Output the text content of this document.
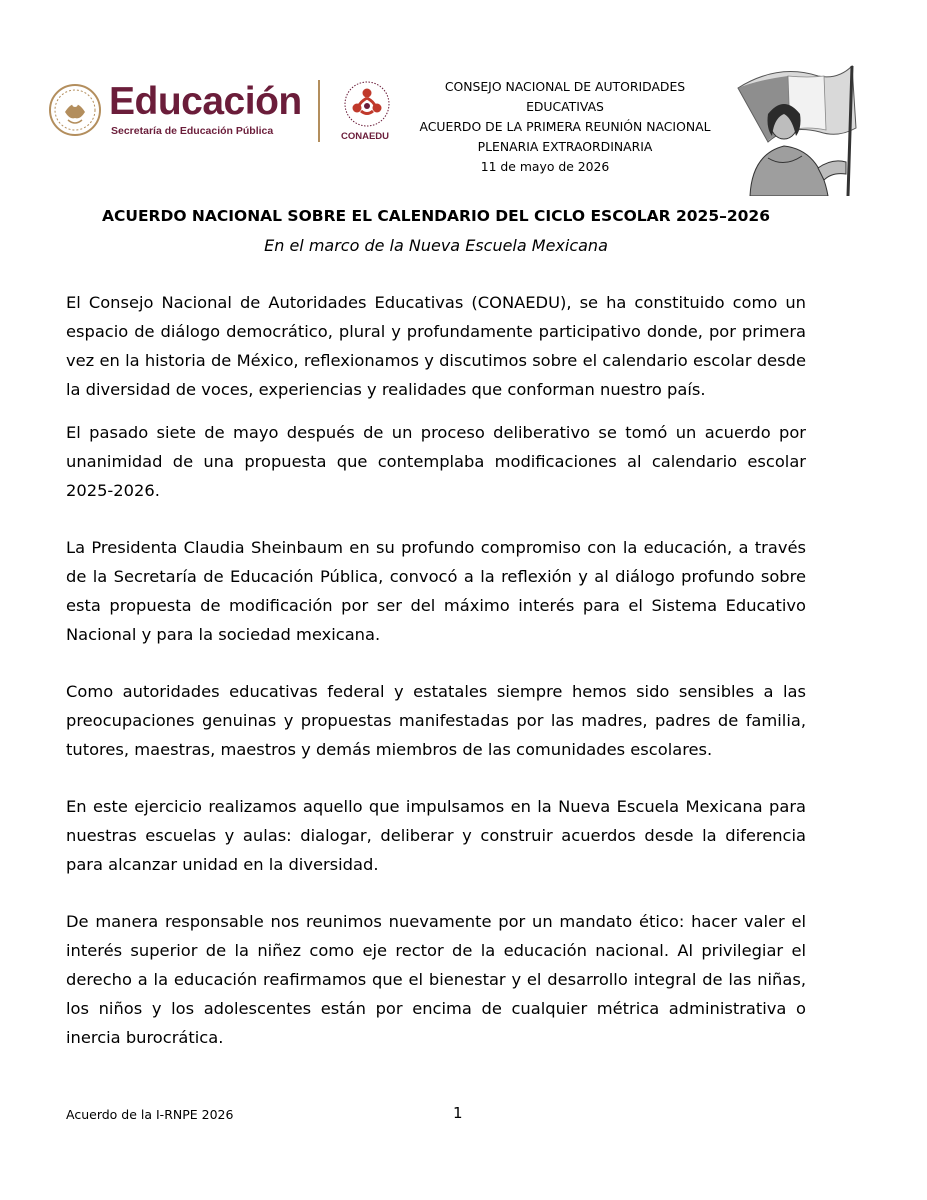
Educación
Secretaría de Educación Pública	CONAEDU
CONSEJO NACIONAL DE AUTORIDADES
EDUCATIVAS
ACUERDO DE LA PRIMERA REUNIÓN NACIONAL
PLENARIA EXTRAORDINARIA
11 de mayo de 2026
ACUERDO NACIONAL SOBRE EL CALENDARIO DEL CICLO ESCOLAR 2025–2026
En el marco de la Nueva Escuela Mexicana

El Consejo Nacional de Autoridades Educativas (CONAEDU), se ha constituido como un espacio de diálogo democrático, plural y profundamente participativo donde, por primera vez en la historia de México, reflexionamos y discutimos sobre el calendario escolar desde la diversidad de voces, experiencias y realidades que conforman nuestro país.

El pasado siete de mayo después de un proceso deliberativo se tomó un acuerdo por unanimidad de una propuesta que contemplaba modificaciones al calendario escolar 2025-2026.

La Presidenta Claudia Sheinbaum en su profundo compromiso con la educación, a través de la Secretaría de Educación Pública, convocó a la reflexión y al diálogo profundo sobre esta propuesta de modificación por ser del máximo interés para el Sistema Educativo Nacional y para la sociedad mexicana.

Como autoridades educativas federal y estatales siempre hemos sido sensibles a las preocupaciones genuinas y propuestas manifestadas por las madres, padres de familia, tutores, maestras, maestros y demás miembros de las comunidades escolares.

En este ejercicio realizamos aquello que impulsamos en la Nueva Escuela Mexicana para nuestras escuelas y aulas: dialogar, deliberar y construir acuerdos desde la diferencia para alcanzar unidad en la diversidad.

De manera responsable nos reunimos nuevamente por un mandato ético: hacer valer el interés superior de la niñez como eje rector de la educación nacional. Al privilegiar el derecho a la educación reafirmamos que el bienestar y el desarrollo integral de las niñas, los niños y los adolescentes están por encima de cualquier métrica administrativa o inercia burocrática.

Acuerdo de la I-RNPE 2026	1
